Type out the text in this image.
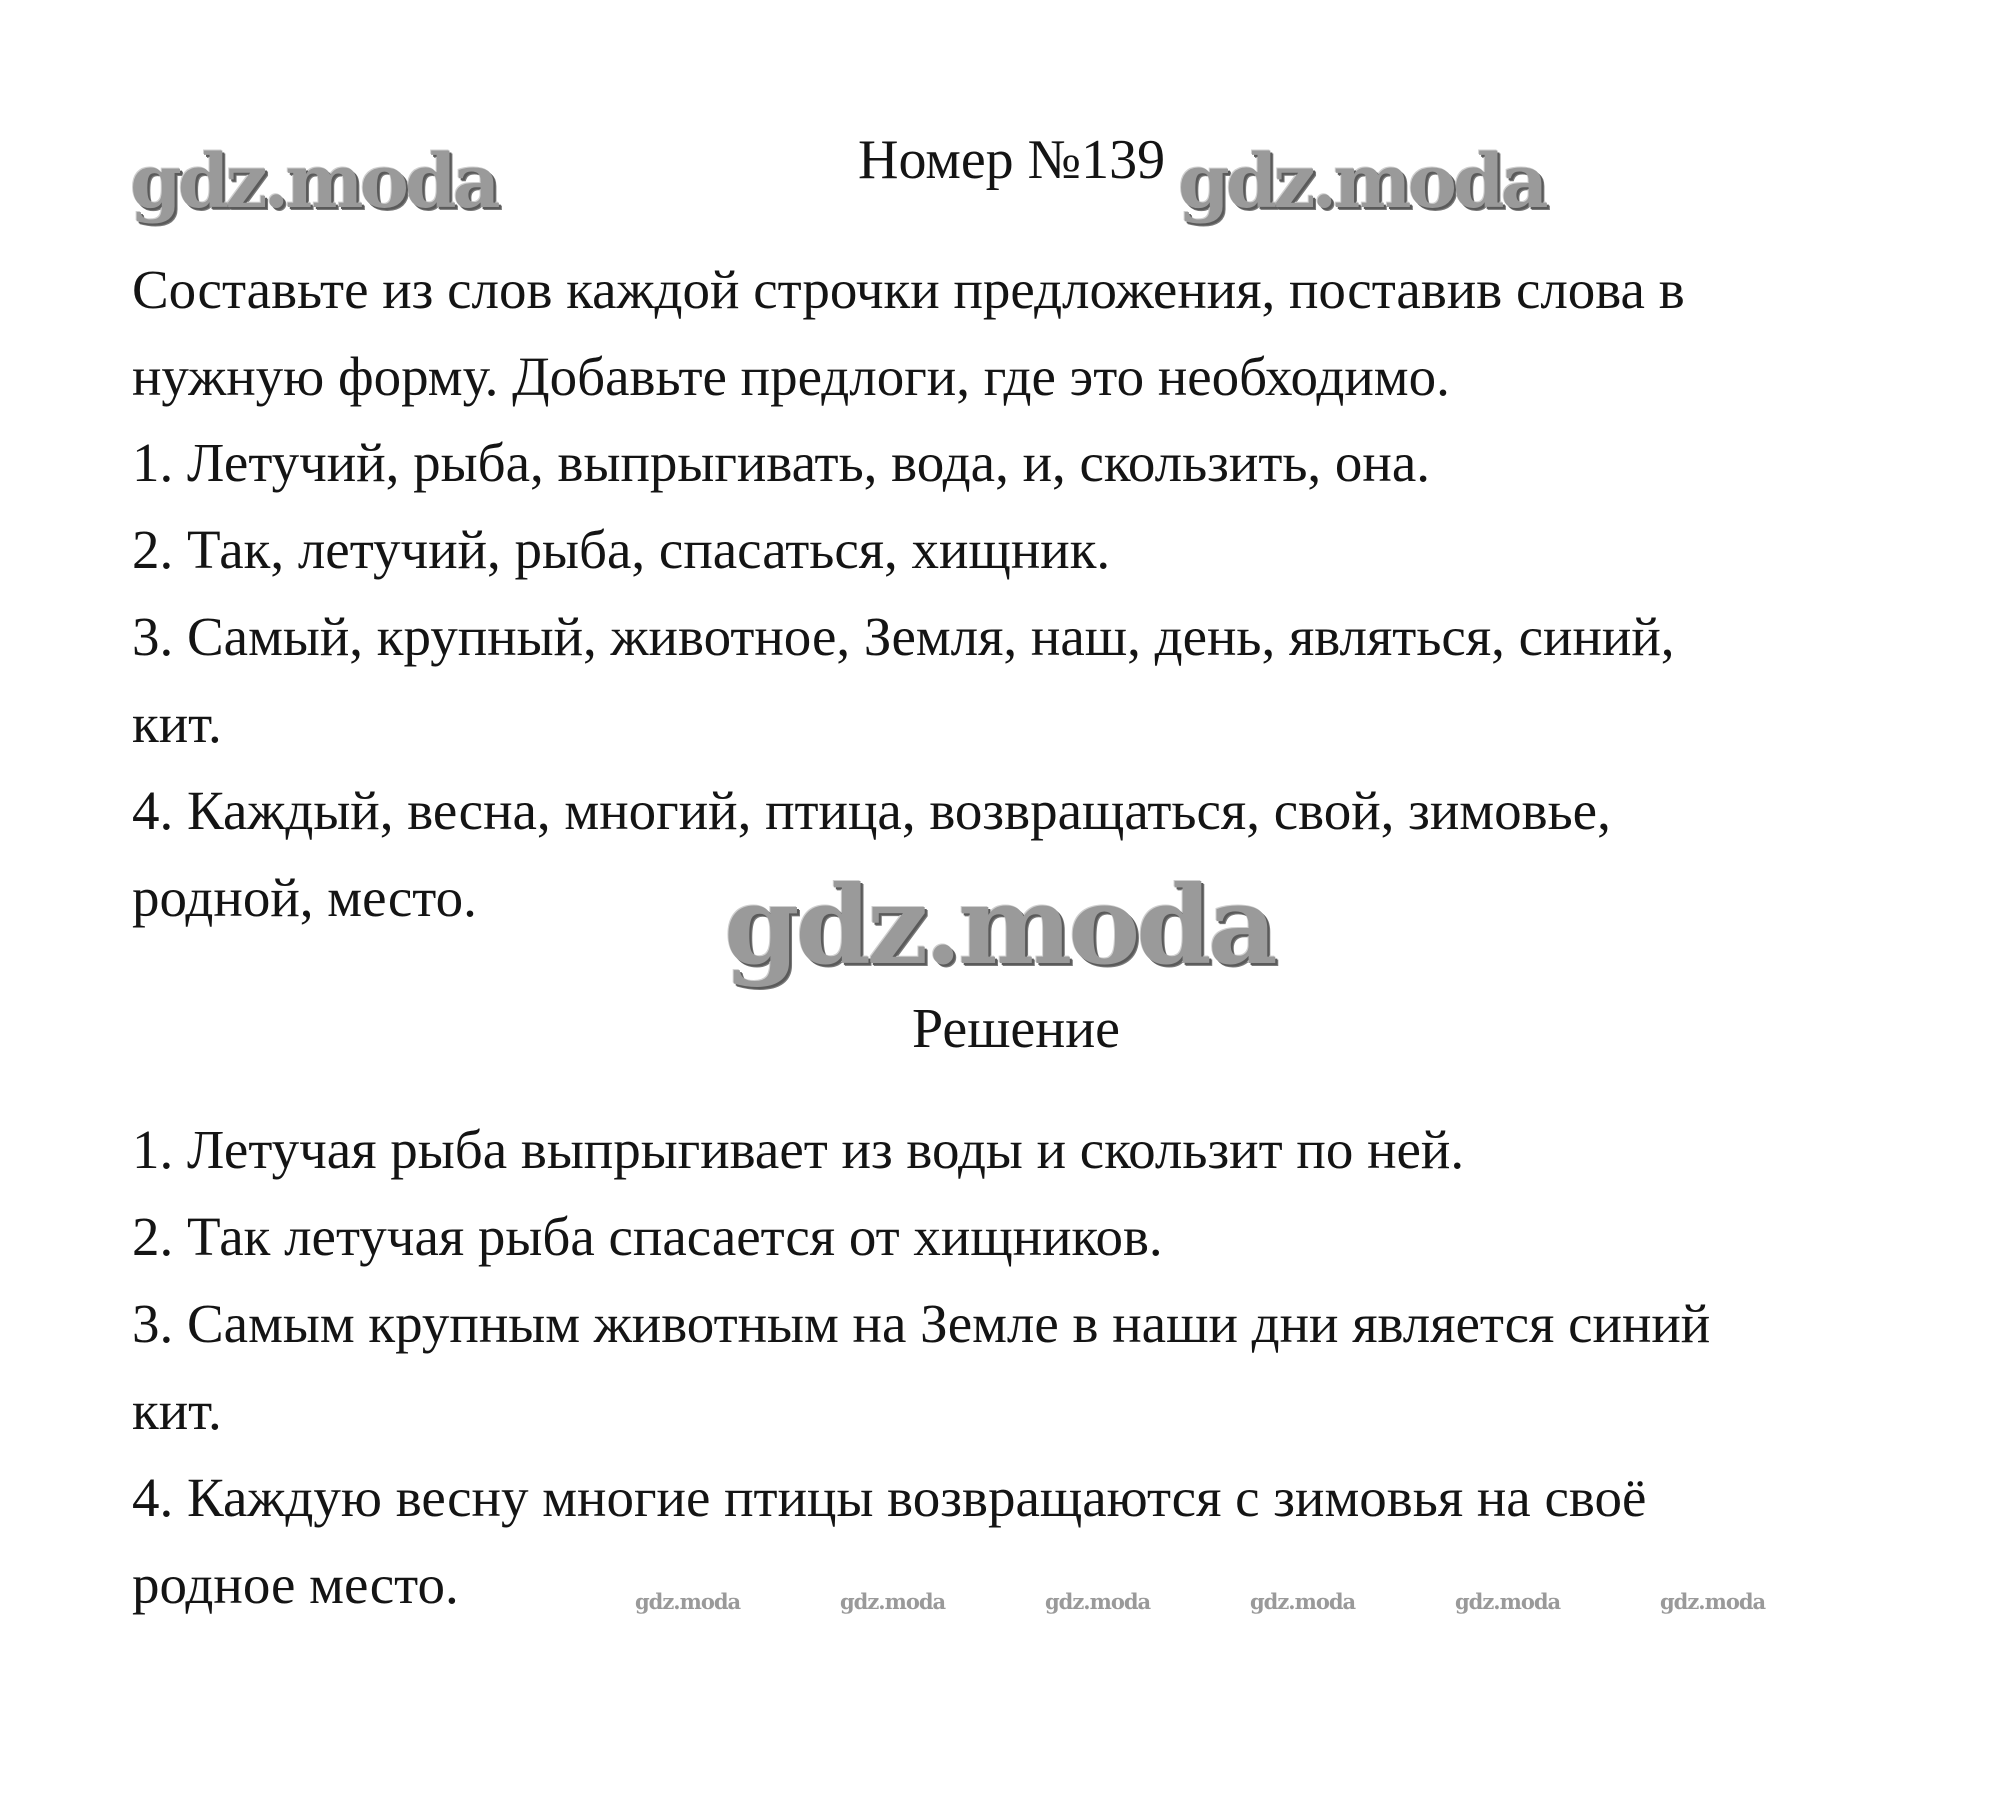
gdz.moda	gdz.moda
gdz.moda
Номер №139
Составьте из слов каждой строчки предложения, поставив слова в
нужную форму. Добавьте предлоги, где это необходимо.
1. Летучий, рыба, выпрыгивать, вода, и, скользить, она.
2. Так, летучий, рыба, спасаться, хищник.
3. Самый, крупный, животное, Земля, наш, день, являться, синий,
кит.
4. Каждый, весна, многий, птица, возвращаться, свой, зимовье,
родной, место.
Решение
1. Летучая рыба выпрыгивает из воды и скользит по ней.
2. Так летучая рыба спасается от хищников.
3. Самым крупным животным на Земле в наши дни является синий
кит.
4. Каждую весну многие птицы возвращаются с зимовья на своё
родное место.	gdz.moda	gdz.moda	gdz.moda	gdz.moda	gdz.moda	gdz.moda
